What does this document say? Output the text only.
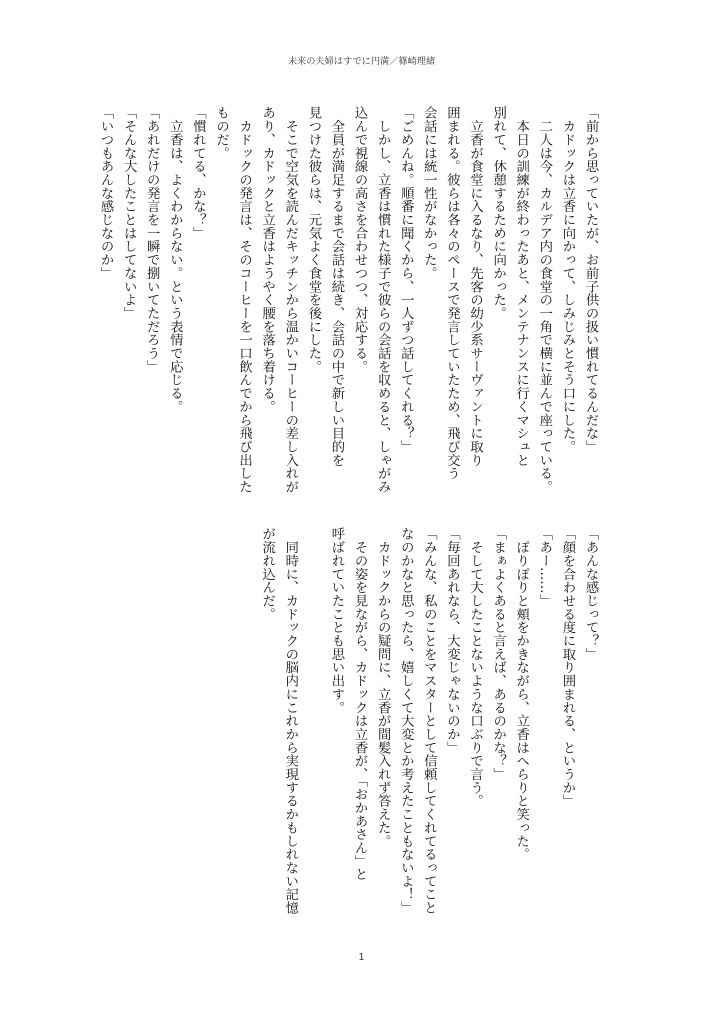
未来の夫婦はすでに円満／篠崎理緒
「前から思っていたが、お前子供の扱い慣れてるんだな」
　カドックは立香に向かって、しみじみとそう口にした。
　二人は今、カルデア内の食堂の一角で横に並んで座っている。
　本日の訓練が終わったあと、メンテナンスに行くマシュと
別れて、休憩するために向かった。
　立香が食堂に入るなり、先客の幼少系サーヴァントに取り
囲まれる。彼らは各々のペースで発言していたため、飛び交う
会話には統一性がなかった。
「ごめんね。順番に聞くから、一人ずつ話してくれる？」
　しかし、立香は慣れた様子で彼らの会話を収めると、しゃがみ
込んで視線の高さを合わせつつ、対応する。
　全員が満足するまで会話は続き、会話の中で新しい目的を
見つけた彼らは、元気よく食堂を後にした。
　そこで空気を読んだキッチンから温かいコーヒーの差し入れが
あり、カドックと立香はようやく腰を落ち着ける。
　カドックの発言は、そのコーヒーを一口飲んでから飛び出した
ものだ。
「慣れてる、かな？」
　立香は、よくわからない。という表情で応じる。
「あれだけの発言を一瞬で捌いてただろう」
「そんな大したことはしてないよ」
「いつもあんな感じなのか」
「あんな感じって？」
「顔を合わせる度に取り囲まれる、というか」
「あー……」
　ぽりぽりと頬をかきながら、立香はへらりと笑った。
「まぁよくあると言えば、あるのかな？」
　そして大したことないような口ぶりで言う。
「毎回あれなら、大変じゃないのか」
「みんな、私のことをマスターとして信頼してくれてるってこと
なのかなと思ったら、嬉しくて大変とか考えたこともないよ！」
　カドックからの疑問に、立香が間髪入れず答えた。
　その姿を見ながら、カドックは立香が、「おかあさん」と
呼ばれていたことも思い出す。
　同時に、カドックの脳内にこれから実現するかもしれない記憶
が流れ込んだ。
1
